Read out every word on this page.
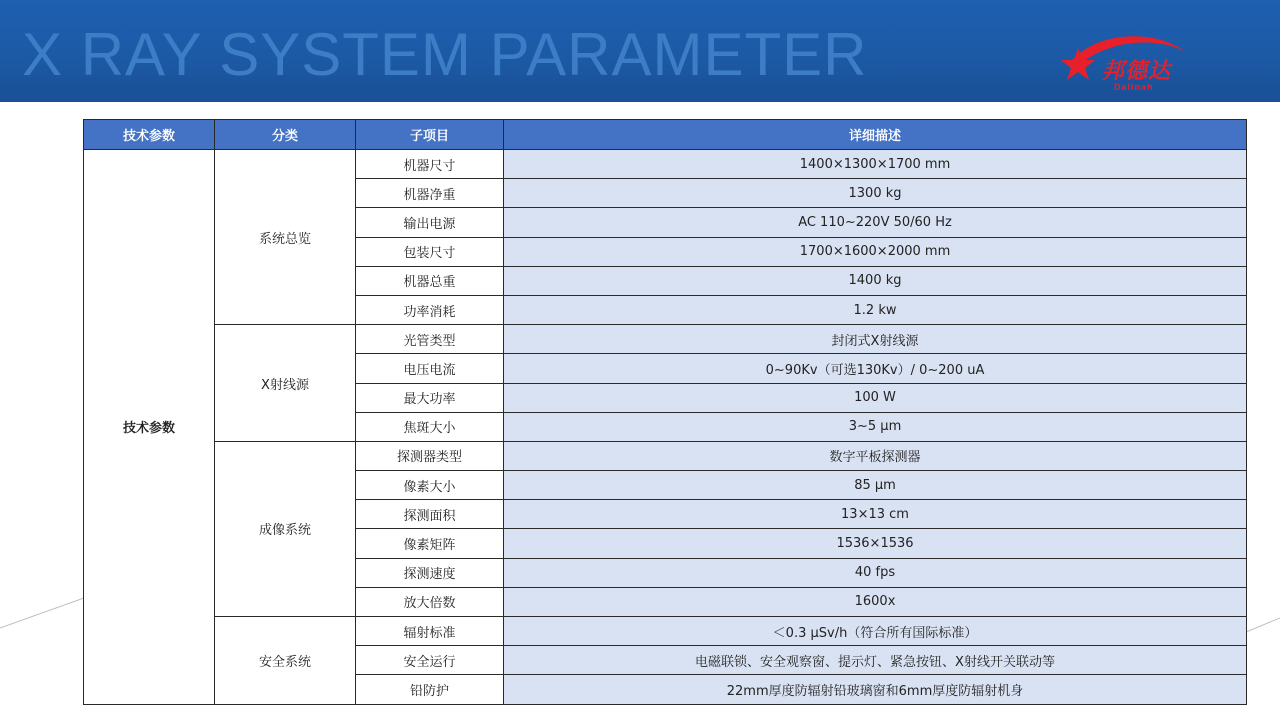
X RAY SYSTEM PARAMETER	邦德达
Dalinah
技术参数	分类	子项目	详细描述
技术参数	系统总览	机器尺寸	1400×1300×1700 mm
		机器净重	1300 kg
		输出电源	AC 110~220V 50/60 Hz
		包装尺寸	1700×1600×2000 mm
		机器总重	1400 kg
		功率消耗	1.2 kw
	X射线源	光管类型	封闭式X射线源
		电压电流	0~90Kv（可选130Kv）/ 0~200 uA
		最大功率	100 W
		焦斑大小	3~5 μm
	成像系统	探测器类型	数字平板探测器
		像素大小	85 μm
		探测面积	13×13 cm
		像素矩阵	1536×1536
		探测速度	40 fps
		放大倍数	1600x
	安全系统	辐射标准	＜0.3 μSv/h（符合所有国际标准）
		安全运行	电磁联锁、安全观察窗、提示灯、紧急按钮、X射线开关联动等
		铅防护	22mm厚度防辐射铅玻璃窗和6mm厚度防辐射机身
